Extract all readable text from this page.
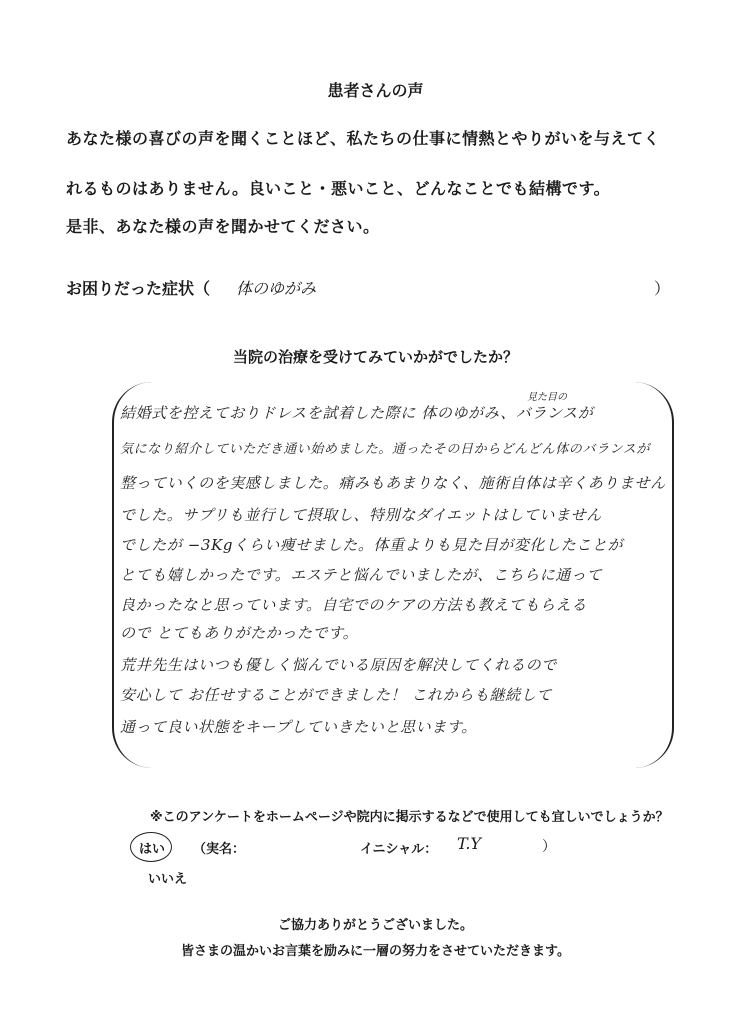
患者さんの声
あなた様の喜びの声を聞くことほど、私たちの仕事に情熱とやりがいを与えてく
れるものはありません。良いこと・悪いこと、どんなことでも結構です。
是非、あなた様の声を聞かせてください。
お困りだった症状（ 体のゆがみ	）
当院の治療を受けてみていかがでしたか？
見た目の
結婚式を控えておりドレスを試着した際に 体のゆがみ、バランスが
気になり紹介していただき通い始めました。通ったその日からどんどん体のバランスが
整っていくのを実感しました。痛みもあまりなく、施術自体は辛くありません
でした。サプリも並行して摂取し、特別なダイエットはしていません
でしたが −3Kgくらい痩せました。体重よりも見た目が変化したことが
とても嬉しかったです。エステと悩んでいましたが、こちらに通って
良かったなと思っています。自宅でのケアの方法も教えてもらえる
ので とてもありがたかったです。
荒井先生はいつも優しく悩んでいる原因を解決してくれるので
安心して お任せすることができました！ これからも継続して
通って良い状態をキープしていきたいと思います。
※このアンケートをホームページや院内に掲示するなどで使用しても宜しいでしょうか？
はい （実名：	イニシャル： T.Y	）
いいえ
ご協力ありがとうございました。
皆さまの温かいお言葉を励みに一層の努力をさせていただきます。
